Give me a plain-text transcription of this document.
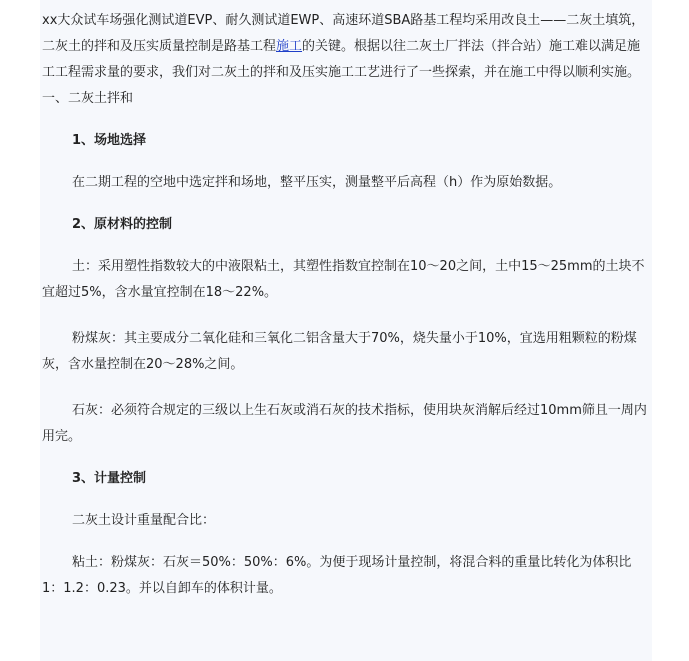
xx大众试车场强化测试道EVP、耐久测试道EWP、高速环道SBA路基工程均采用改良土——二灰土填筑，二灰土的拌和及压实质量控制是路基工程施工的关键。根据以往二灰土厂拌法（拌合站）施工难以满足施工工程需求量的要求，我们对二灰土的拌和及压实施工工艺进行了一些探索，并在施工中得以顺利实施。　一、二灰土拌和

1、场地选择

在二期工程的空地中选定拌和场地，整平压实，测量整平后高程（h）作为原始数据。

2、原材料的控制

土：采用塑性指数较大的中液限粘土，其塑性指数宜控制在10～20之间，土中15～25mm的土块不宜超过5%，含水量宜控制在18～22%。

粉煤灰：其主要成分二氧化硅和三氧化二铝含量大于70%，烧失量小于10%，宜选用粗颗粒的粉煤灰，含水量控制在20～28%之间。

石灰：必须符合规定的三级以上生石灰或消石灰的技术指标，使用块灰消解后经过10mm筛且一周内用完。

3、计量控制

二灰土设计重量配合比：

粘土：粉煤灰：石灰＝50%：50%：6%。为便于现场计量控制，将混合料的重量比转化为体积比1：1.2：0.23。并以自卸车的体积计量。
